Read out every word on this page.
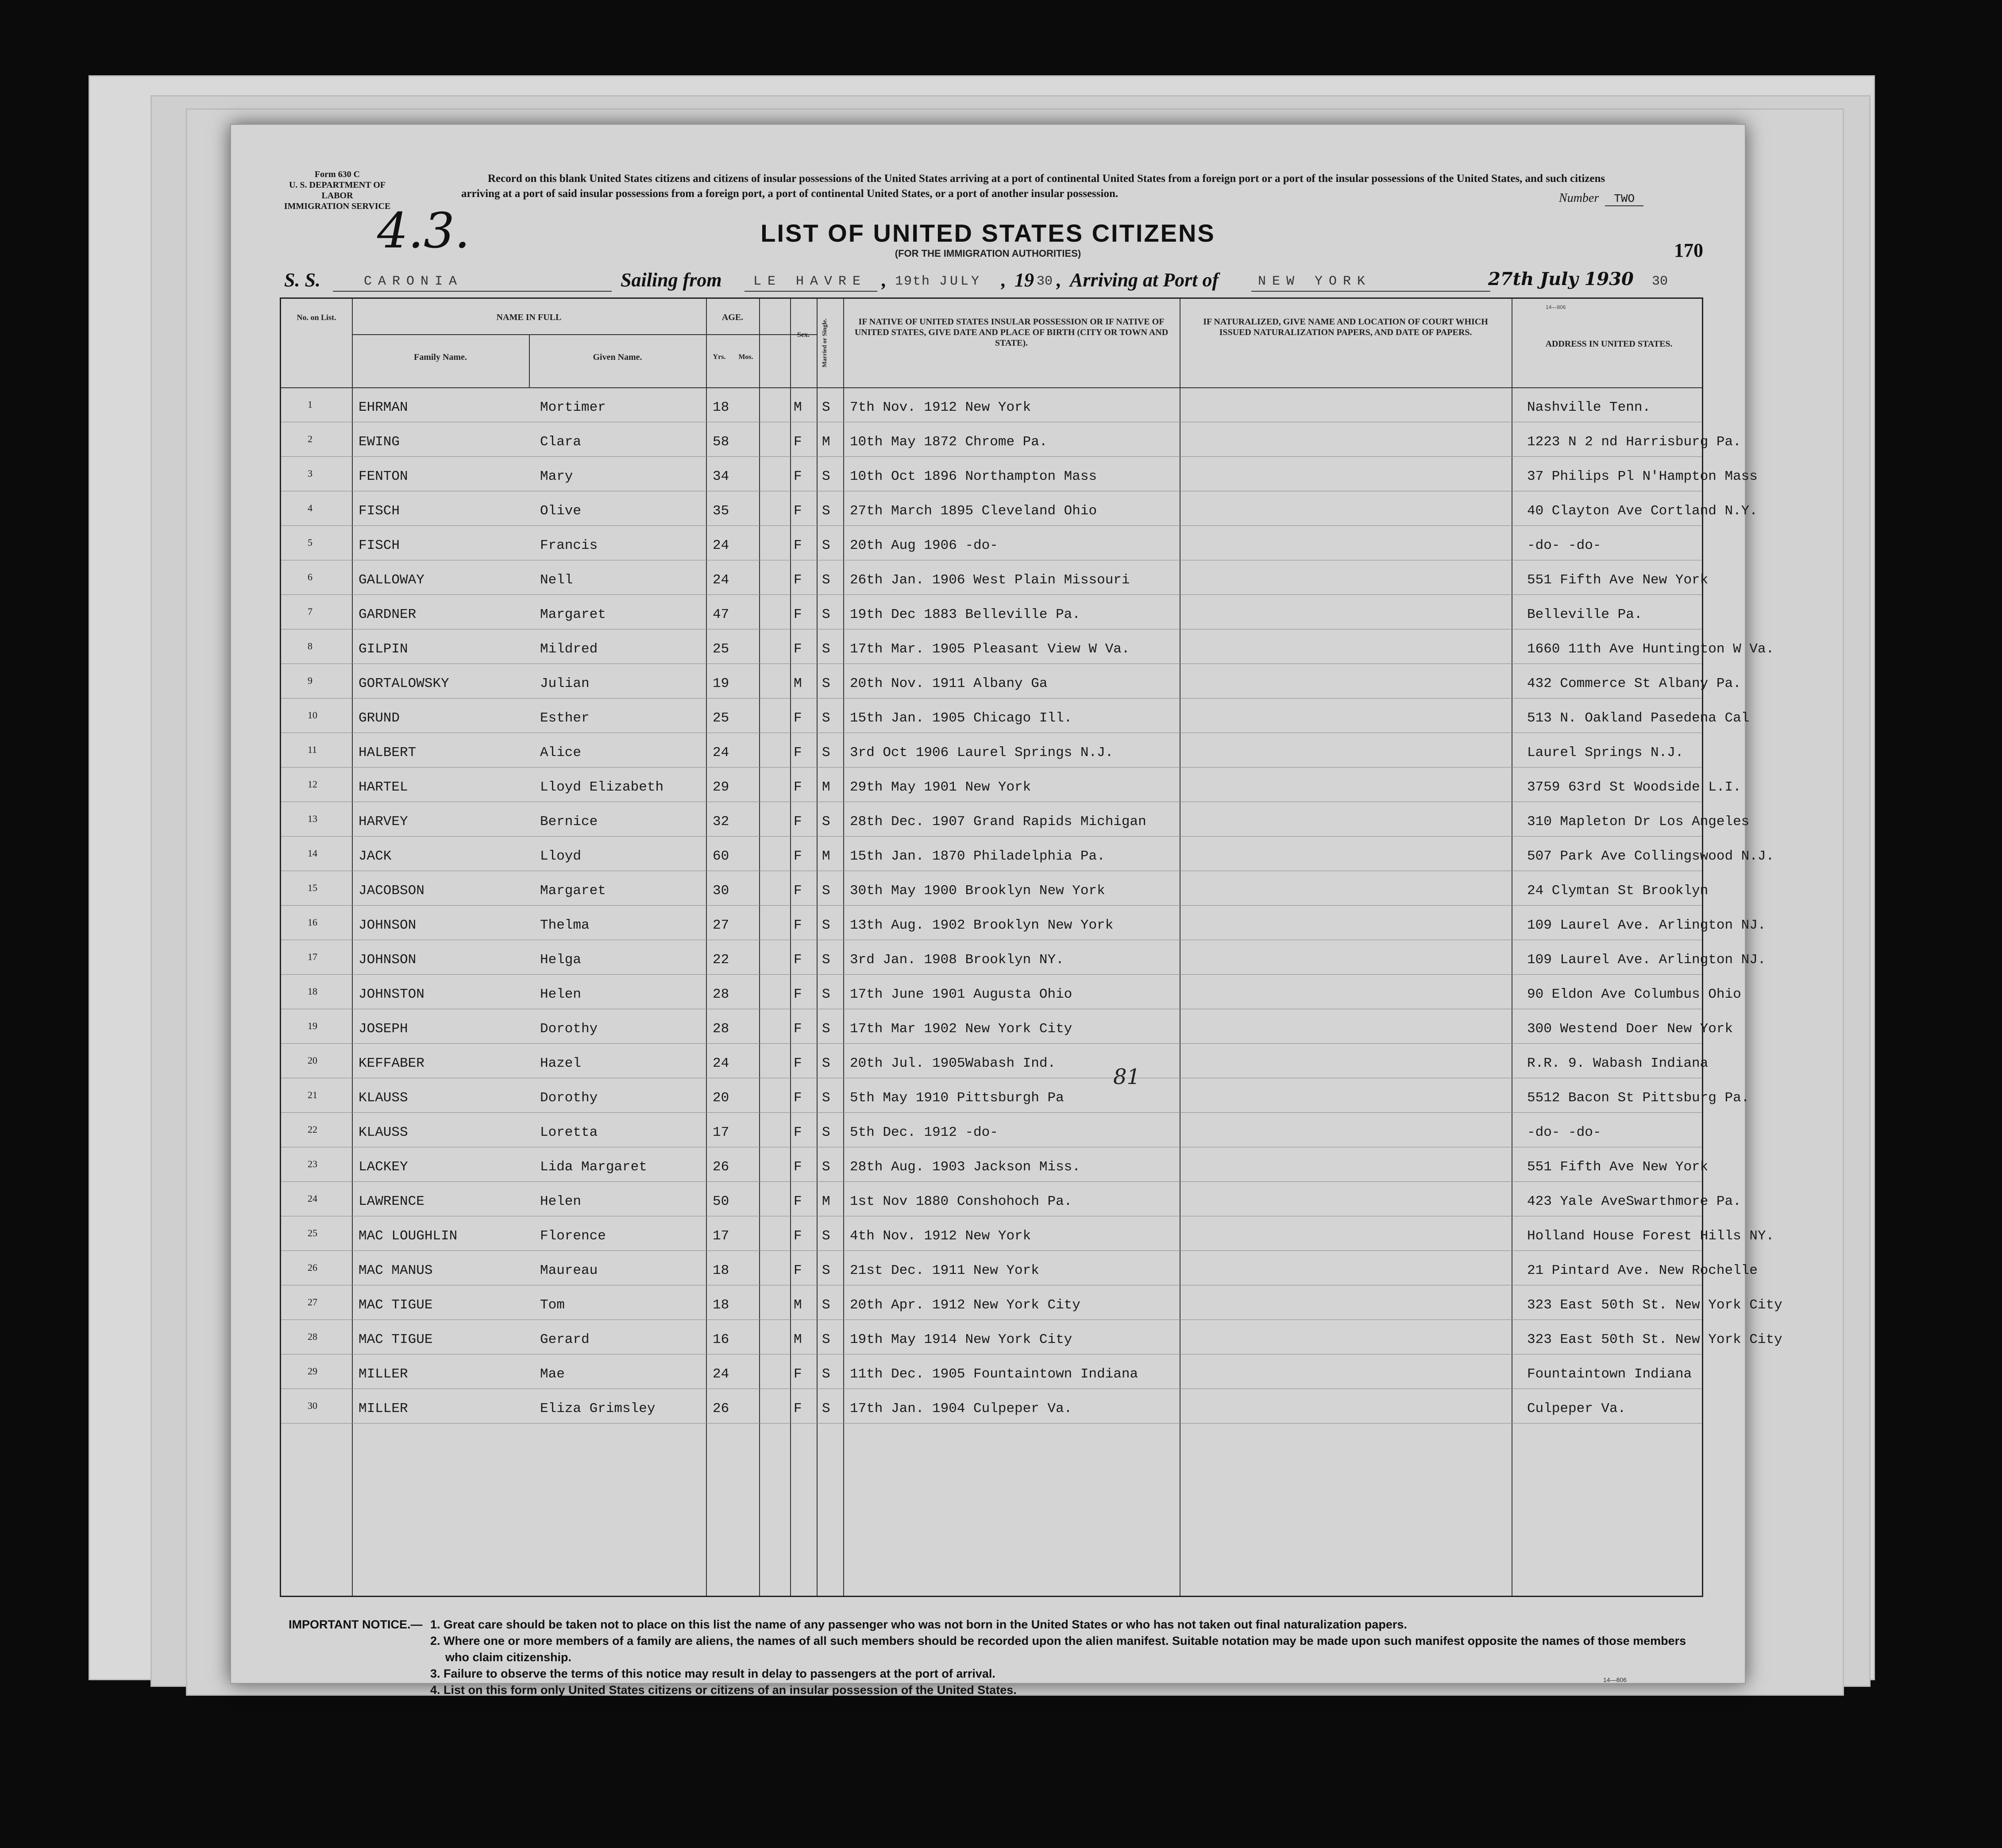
Form 630 C
U. S. DEPARTMENT OF LABOR
IMMIGRATION SERVICE
Record on this blank United States citizens and citizens of insular possessions of the United States arriving at a port of continental United States from a foreign port or a port of the insular possessions of the United States, and such citizens arriving at a port of said insular possessions from a foreign port, a port of continental United States, or a port of another insular possession.	Number TWO
4.3.	LIST OF UNITED STATES CITIZENS
(FOR THE IMMIGRATION AUTHORITIES)	170
S. S.	CARONIA	Sailing from LE HAVRE , 19th JULY , 19 30 , Arriving at Port of	NEW YORK	27th July 1930 30
14—806
No. on List.	NAME IN FULL
Family Name.	Given Name.
AGE.
Yrs.	Mos.
Sex.	Married or Single.	IF NATIVE OF UNITED STATES INSULAR POSSESSION OR IF NATIVE OF UNITED STATES, GIVE DATE AND PLACE OF BIRTH (CITY OR TOWN AND STATE).
IF NATURALIZED, GIVE NAME AND LOCATION OF COURT WHICH ISSUED NATURALIZATION PAPERS, AND DATE OF PAPERS.
ADDRESS IN UNITED STATES.
1	EHRMAN	Mortimer	18	M S 7th Nov. 1912 New York	Nashville Tenn.
2	EWING	Clara	58	F M 10th May 1872 Chrome Pa.	1223 N 2 nd Harrisburg Pa.
3	FENTON	Mary	34	F S 10th Oct 1896 Northampton Mass	37 Philips Pl N'Hampton Mass
4	FISCH	Olive	35	F S 27th March 1895 Cleveland Ohio	40 Clayton Ave Cortland N.Y.
5	FISCH	Francis	24	F S 20th Aug 1906 -do-	-do- -do-
6	GALLOWAY	Nell	24	F S 26th Jan. 1906 West Plain Missouri	551 Fifth Ave New York
7	GARDNER	Margaret	47	F S 19th Dec 1883 Belleville Pa.	Belleville Pa.
8	GILPIN	Mildred	25	F S 17th Mar. 1905 Pleasant View W Va.	1660 11th Ave Huntington W Va.
9	GORTALOWSKY	Julian	19	M S 20th Nov. 1911 Albany Ga	432 Commerce St Albany Pa.
10	GRUND	Esther	25	F S 15th Jan. 1905 Chicago Ill.	513 N. Oakland Pasedena Cal
11	HALBERT	Alice	24	F S 3rd Oct 1906 Laurel Springs N.J.	Laurel Springs N.J.
12	HARTEL	Lloyd Elizabeth	29	F M 29th May 1901 New York	3759 63rd St Woodside L.I.
13	HARVEY	Bernice	32	F S 28th Dec. 1907 Grand Rapids Michigan	310 Mapleton Dr Los Angeles
14	JACK	Lloyd	60	F M 15th Jan. 1870 Philadelphia Pa.	507 Park Ave Collingswood N.J.
15	JACOBSON	Margaret	30	F S 30th May 1900 Brooklyn New York	24 Clymtan St Brooklyn
16	JOHNSON	Thelma	27	F S 13th Aug. 1902 Brooklyn New York	109 Laurel Ave. Arlington NJ.
17	JOHNSON	Helga	22	F S 3rd Jan. 1908 Brooklyn NY.	109 Laurel Ave. Arlington NJ.
18	JOHNSTON	Helen	28	F S 17th June 1901 Augusta Ohio	90 Eldon Ave Columbus Ohio
19	JOSEPH	Dorothy	28	F S 17th Mar 1902 New York City	300 Westend Doer New York
20	KEFFABER	Hazel	24	F S 20th Jul. 1905Wabash Ind.	R.R. 9. Wabash Indiana
21	KLAUSS	Dorothy	20	F S 5th May 1910 Pittsburgh Pa	5512 Bacon St Pittsburg Pa.
22	KLAUSS	Loretta	17	F S 5th Dec. 1912 -do-	-do- -do-
23	LACKEY	Lida Margaret	26	F S 28th Aug. 1903 Jackson Miss.	551 Fifth Ave New York
24	LAWRENCE	Helen	50	F M 1st Nov 1880 Conshohoch Pa.	423 Yale AveSwarthmore Pa.
25	MAC LOUGHLIN	Florence	17	F S 4th Nov. 1912 New York	Holland House Forest Hills NY.
26	MAC MANUS	Maureau	18	F S 21st Dec. 1911 New York	21 Pintard Ave. New Rochelle
27	MAC TIGUE	Tom	18	M S 20th Apr. 1912 New York City	323 East 50th St. New York City
28	MAC TIGUE	Gerard	16	M S 19th May 1914 New York City	323 East 50th St. New York City
29	MILLER	Mae	24	F S 11th Dec. 1905 Fountaintown Indiana	Fountaintown Indiana
30	MILLER	Eliza Grimsley	26	F S 17th Jan. 1904 Culpeper Va.	Culpeper Va.
81
IMPORTANT NOTICE.— 1. Great care should be taken not to place on this list the name of any passenger who was not born in the United States or who has not taken out final naturalization papers.
2. Where one or more members of a family are aliens, the names of all such members should be recorded upon the alien manifest. Suitable notation may be made upon such manifest opposite the names of those members who claim citizenship.
3. Failure to observe the terms of this notice may result in delay to passengers at the port of arrival.
4. List on this form only United States citizens or citizens of an insular possession of the United States.
14—806
